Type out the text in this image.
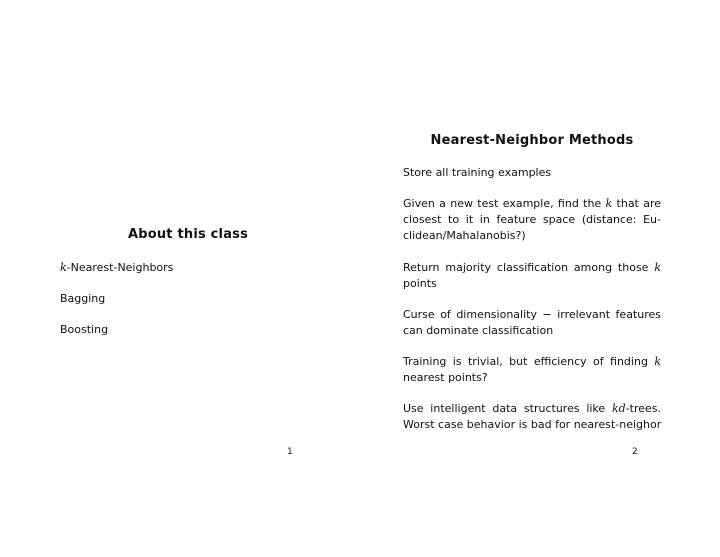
About this class
k-Nearest-Neighbors
Bagging
Boosting
1
Nearest-Neighbor Methods
Store all training examples
Given a new test example, find the k that are
closest to it in feature space (distance: Eu-
clidean/Mahalanobis?)
Return majority classification among those k
points
Curse of dimensionality − irrelevant features
can dominate classification
Training is trivial, but efficiency of finding k
nearest points?
Use intelligent data structures like kd-trees.
Worst case behavior is bad for nearest-neighor
2
